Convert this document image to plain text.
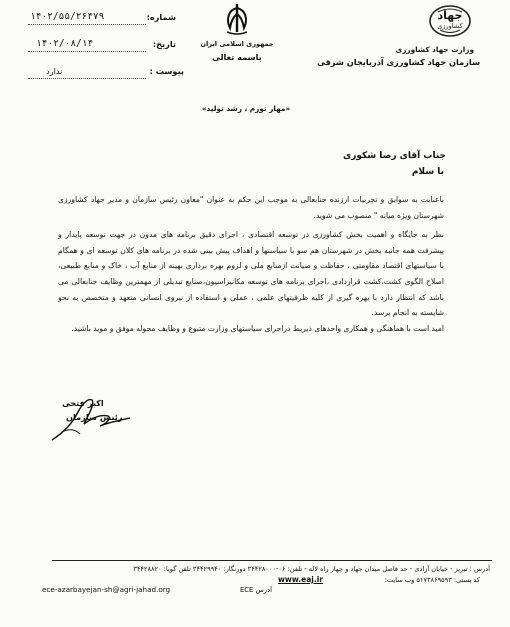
جهاد
کشاورزی
وزارت جهاد کشاورزی
سازمان جهاد کشاورزی آذربایجان شرقی
جمهوری اسلامی ایران
باسمه تعالی
شماره:
۱۴۰۲/۵۵/۲۶۴۷۹
تاریخ:
۱۴۰۲/۰۸/۱۴
پیوست :
ندارد
«مهار تورم ، رشد تولید»
جناب آقای رضا شکوری
با سلام

باعنایت به سوابق و تجربیات ارزنده جنابعالی به موجب این حکم به عنوان "معاون رئیس سازمان و مدیر جهاد کشاورزی شهرستان ویژه میانه " منصوب می شوید.

نظر به جایگاه و اهمیت بخش کشاورزی در توسعه اقتصادی ، اجرای دقیق برنامه های مدون در جهت توسعه پایدار و پیشرفت همه جانبه بخش در شهرستان هم سو با سیاستها و اهداف پیش بینی شده در برنامه های کلان توسعه ای و همگام با سیاستهای اقتصاد مقاومتی ، حفاظت و صیانت ازمنابع ملی و لزوم بهره برداری بهینه از منابع آب ، خاک و منابع طبیعی، اصلاح الگوی کشت،کشت قراردادی ،اجرای برنامه های توسعه مکانیزاسیون،صنایع تبدیلی از مهمترین وظایف جنابعالی می باشد که انتظار دارد با بهره گیری از کلیه ظرفیتهای علمی ، عملی و استفاده از نیروی انسانی متعهد و متخصص به نحو شایسته به انجام برسد.

امید است با هماهنگی و همکاری واحدهای ذیربط دراجرای سیاستهای وزارت متبوع و وظایف محوله موفق و موید باشید.

اکبر فتحی
رئیس سازمان
آدرس : تبریز - خیابان آزادی - حد فاصل میدان جهاد و چهار راه لاله - تلفن: ۰۶-۳۴۴۲۸۰۰۰ دورنگار: ۳۴۴۲۹۹۴۰ تلفن گویا: ۳۴۴۲۸۸۲۰
کد پستی: ۵۱۷۳۸۶۹۵۹۳ وب سایت:
www.eaj.ir
ECE آدرس
ece-azarbayejan-sh@agri-jahad.org
